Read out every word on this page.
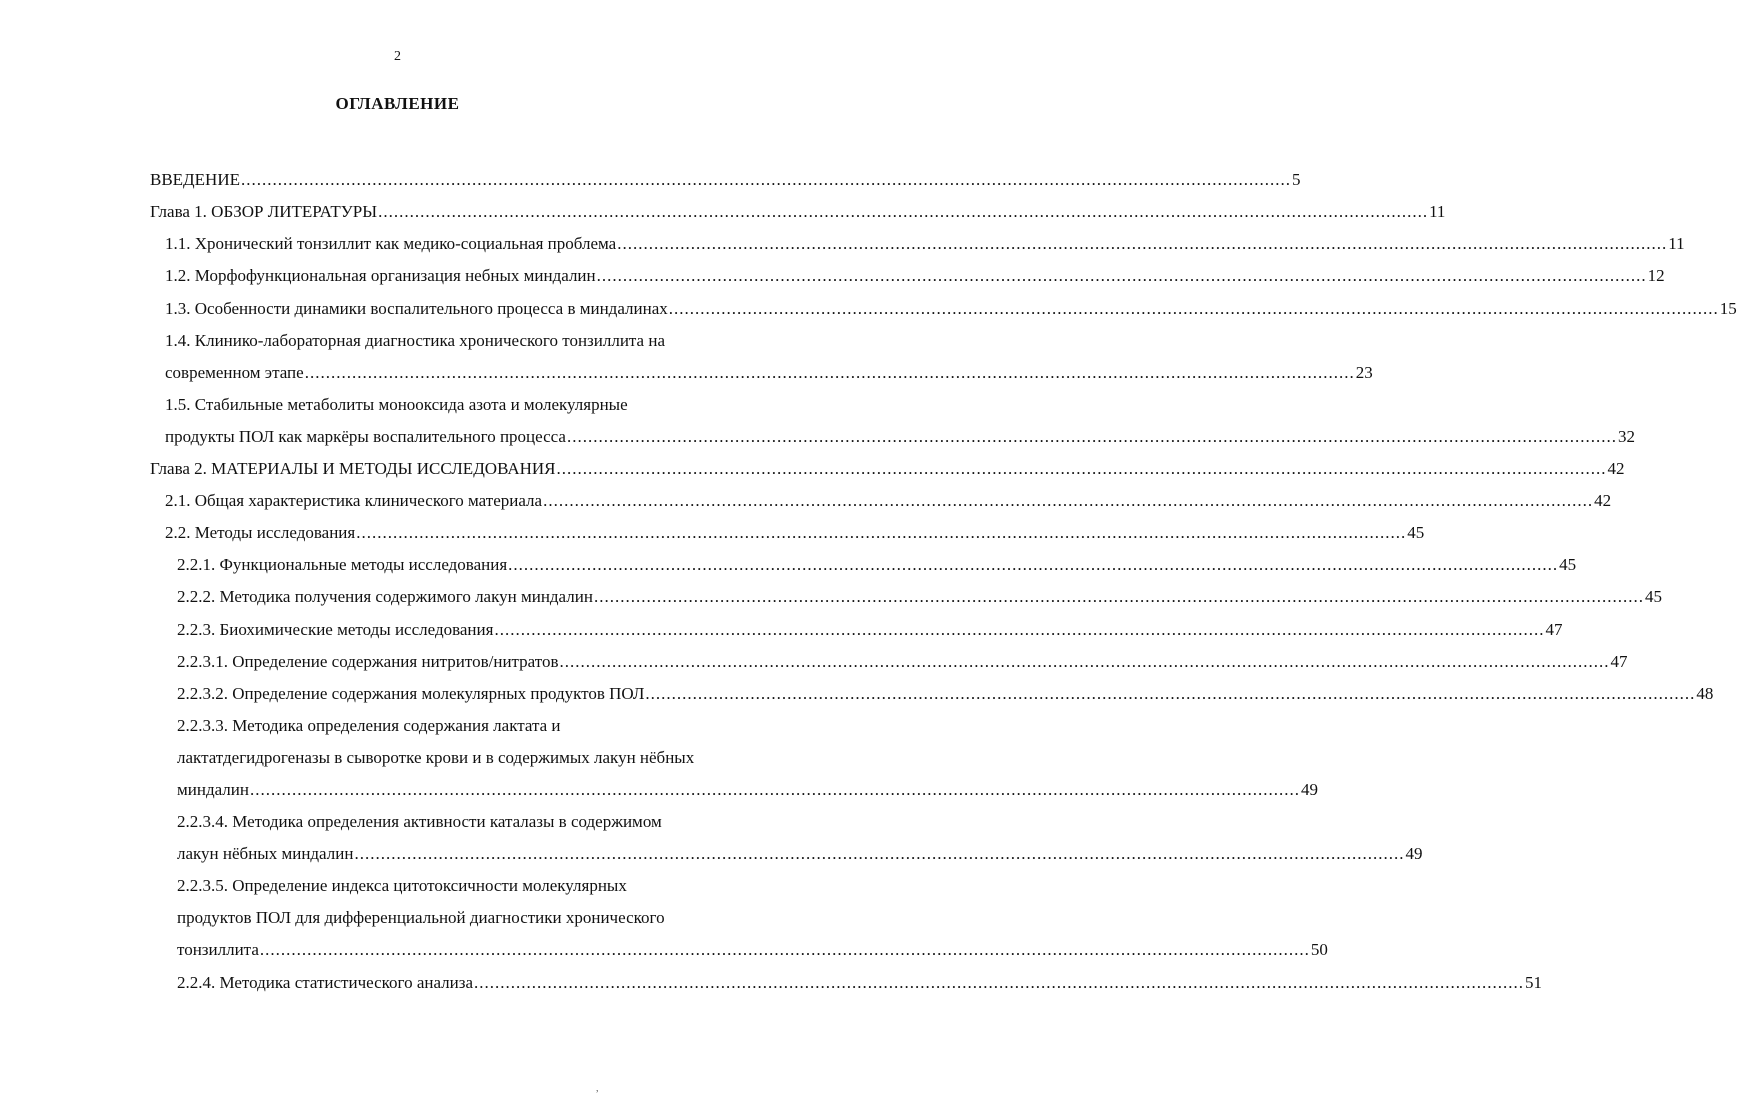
2
ОГЛАВЛЕНИЕ
ВВЕДЕНИЕ ........................................................................................................................................................................................................ 5
Глава 1. ОБЗОР ЛИТЕРАТУРЫ ........................................................................................................................................................................................................ 11
1.1. Хронический тонзиллит как медико-социальная проблема ........................................................................................................................................................................................................ 11
1.2. Морфофункциональная организация небных миндалин ........................................................................................................................................................................................................ 12
1.3. Особенности динамики воспалительного процесса в миндалинах ........................................................................................................................................................................................................ 15
1.4. Клинико-лабораторная диагностика хронического тонзиллита на
современном этапе ........................................................................................................................................................................................................ 23
1.5. Стабильные метаболиты монооксида азота и молекулярные
продукты ПОЛ как маркёры воспалительного процесса ........................................................................................................................................................................................................ 32
Глава 2. МАТЕРИАЛЫ И МЕТОДЫ ИССЛЕДОВАНИЯ ........................................................................................................................................................................................................ 42
2.1. Общая характеристика клинического материала ........................................................................................................................................................................................................ 42
2.2. Методы исследования ........................................................................................................................................................................................................ 45
2.2.1. Функциональные методы исследования ........................................................................................................................................................................................................ 45
2.2.2. Методика получения содержимого лакун миндалин ........................................................................................................................................................................................................ 45
2.2.3. Биохимические методы исследования ........................................................................................................................................................................................................ 47
2.2.3.1. Определение содержания нитритов/нитратов ........................................................................................................................................................................................................ 47
2.2.3.2. Определение содержания молекулярных продуктов ПОЛ ........................................................................................................................................................................................................ 48
2.2.3.3. Методика определения содержания лактата и
лактатдегидрогеназы в сыворотке крови и в содержимых лакун нёбных
миндалин ........................................................................................................................................................................................................ 49
2.2.3.4. Методика определения активности каталазы в содержимом
лакун нёбных миндалин ........................................................................................................................................................................................................ 49
2.2.3.5. Определение индекса цитотоксичности молекулярных
продуктов ПОЛ для дифференциальной диагностики хронического
тонзиллита ........................................................................................................................................................................................................ 50
2.2.4. Методика статистического анализа ........................................................................................................................................................................................................ 51
,
